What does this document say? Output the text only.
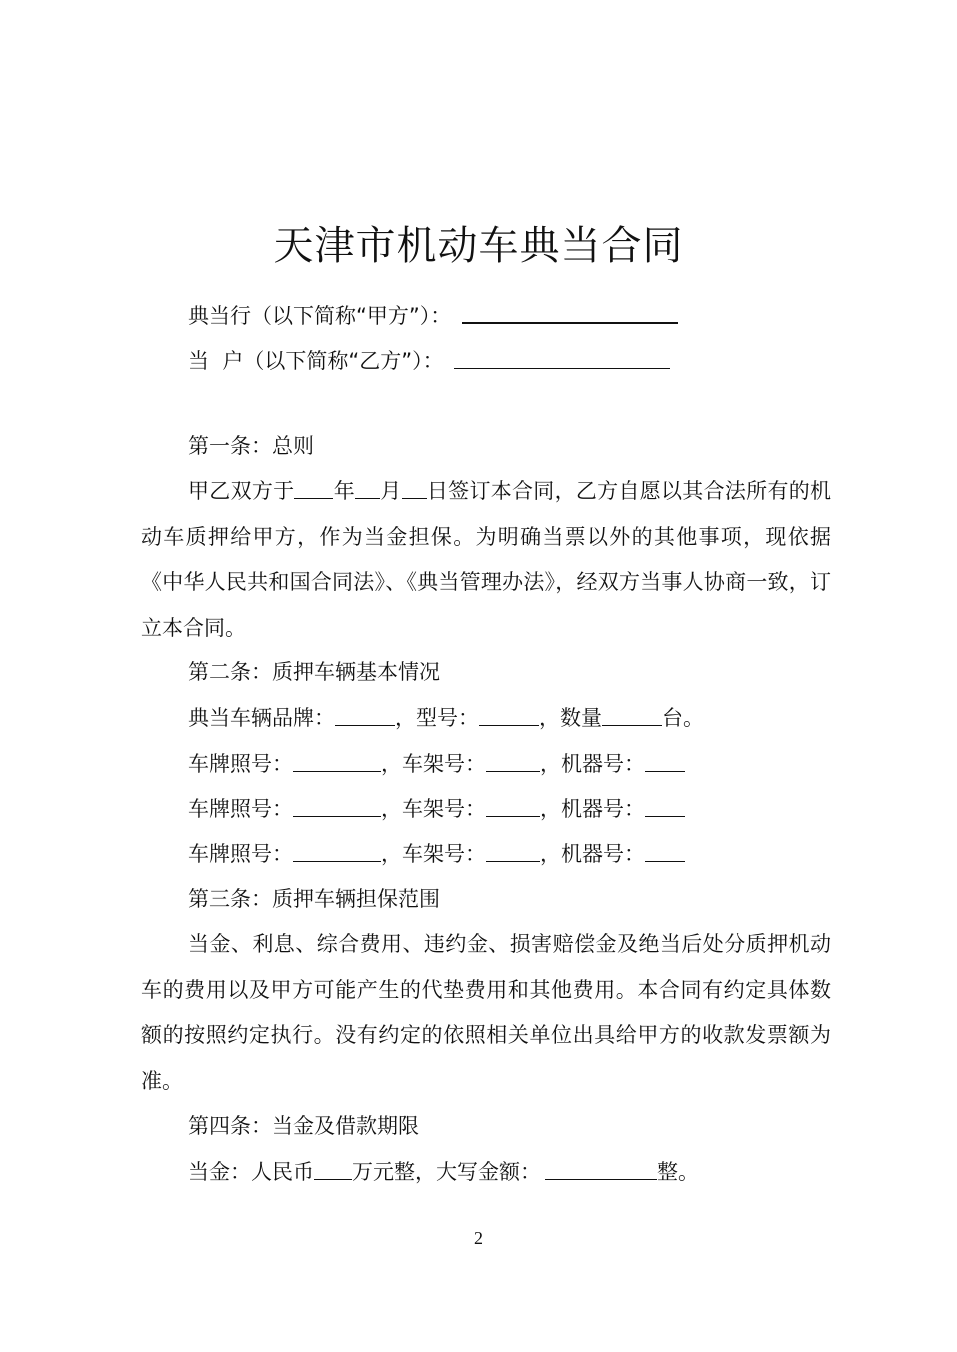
天津市机动车典当合同
典当行（以下简称“甲方”）：
当  户（以下简称“乙方”）：
第一条：总则
甲乙双方于 年 月 日签订本合同，乙方自愿以其合法所有的机动车质押给甲方，作为当金担保。为明确当票以外的其他事项，现依据《中华人民共和国合同法》、《典当管理办法》，经双方当事人协商一致，订立本合同。
第二条：质押车辆基本情况
典当车辆品牌：	，型号：	，数量	台。
车牌照号：	，车架号：	，机器号：
车牌照号：	，车架号：	，机器号：
车牌照号：	，车架号：	，机器号：
第三条：质押车辆担保范围
当金、利息、综合费用、违约金、损害赔偿金及绝当后处分质押机动车的费用以及甲方可能产生的代垫费用和其他费用。本合同有约定具体数额的按照约定执行。没有约定的依照相关单位出具给甲方的收款发票额为准。
第四条：当金及借款期限
当金：人民币 万元整，大写金额：	整。
2
